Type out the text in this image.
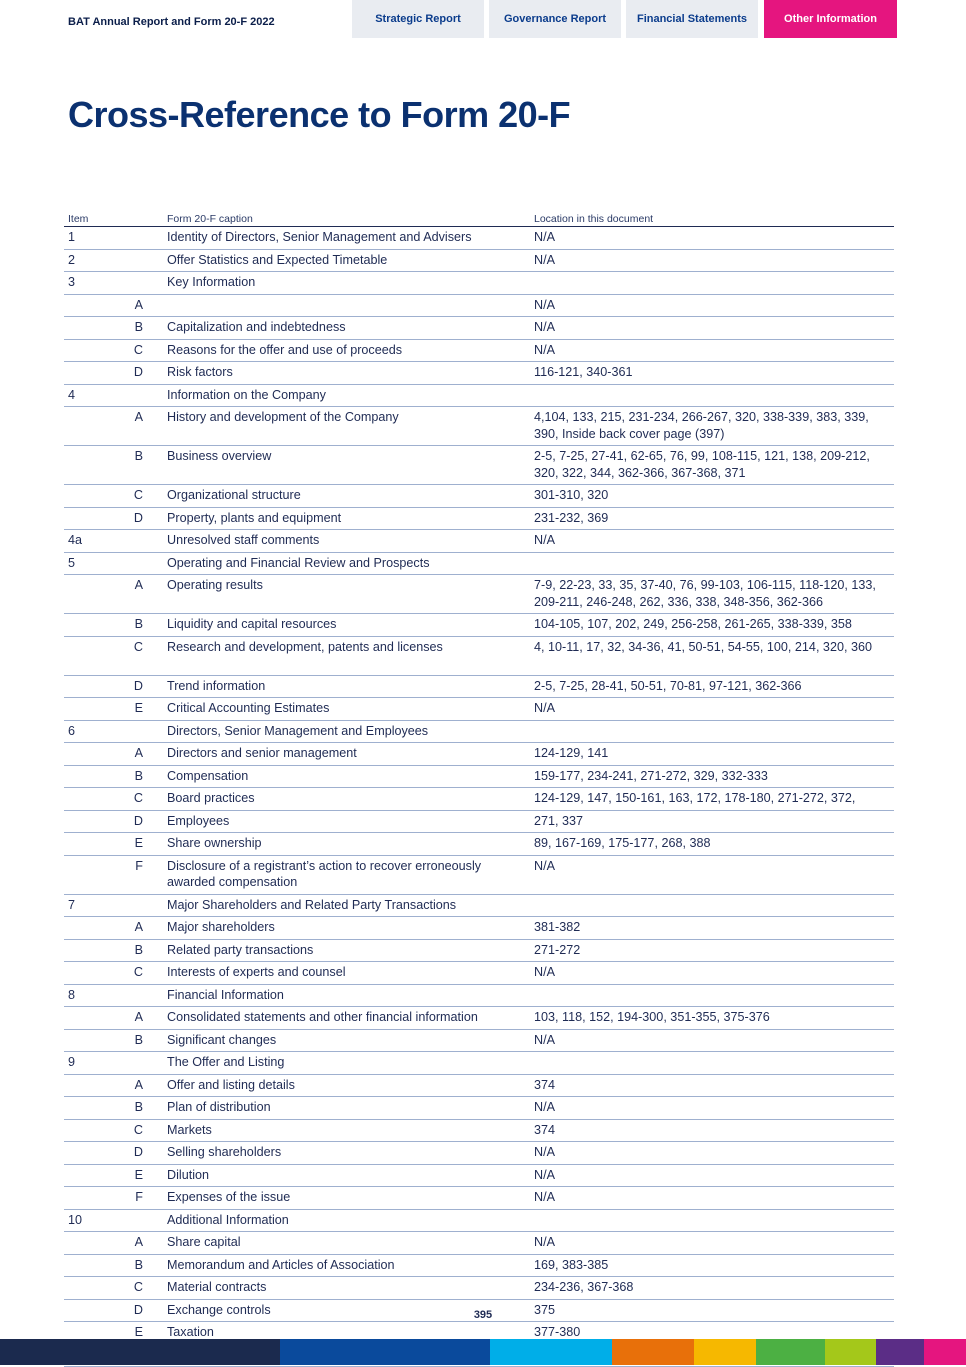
BAT Annual Report and Form 20-F 2022	Strategic Report	Governance Report	Financial Statements	Other Information
Cross-Reference to Form 20-F
Item		Form 20-F caption	Location in this document
1		Identity of Directors, Senior Management and Advisers	N/A
2		Offer Statistics and Expected Timetable	N/A
3		Key Information	
	A		N/A
	B	Capitalization and indebtedness	N/A
	C	Reasons for the offer and use of proceeds	N/A
	D	Risk factors	116-121, 340-361
4		Information on the Company	
	A	History and development of the Company	4,104, 133, 215, 231-234, 266-267, 320, 338-339, 383, 339, 390, Inside back cover page (397)
	B	Business overview	2-5, 7-25, 27-41, 62-65, 76, 99, 108-115, 121, 138, 209-212, 320, 322, 344, 362-366, 367-368, 371
	C	Organizational structure	301-310, 320
	D	Property, plants and equipment	231-232, 369
4a		Unresolved staff comments	N/A
5		Operating and Financial Review and Prospects	
	A	Operating results	7-9, 22-23, 33, 35, 37-40, 76, 99-103, 106-115, 118-120, 133, 209-211, 246-248, 262, 336, 338, 348-356, 362-366
	B	Liquidity and capital resources	104-105, 107, 202, 249, 256-258, 261-265, 338-339, 358
	C	Research and development, patents and licenses	4, 10-11, 17, 32, 34-36, 41, 50-51, 54-55, 100, 214, 320, 360
	D	Trend information	2-5, 7-25, 28-41, 50-51, 70-81, 97-121, 362-366
	E	Critical Accounting Estimates	N/A
6		Directors, Senior Management and Employees	
	A	Directors and senior management	124-129, 141
	B	Compensation	159-177, 234-241, 271-272, 329, 332-333
	C	Board practices	124-129, 147, 150-161, 163, 172, 178-180, 271-272, 372,
	D	Employees	271, 337
	E	Share ownership	89, 167-169, 175-177, 268, 388
	F	Disclosure of a registrant’s action to recover erroneously awarded compensation	N/A
7		Major Shareholders and Related Party Transactions	
	A	Major shareholders	381-382
	B	Related party transactions	271-272
	C	Interests of experts and counsel	N/A
8		Financial Information	
	A	Consolidated statements and other financial information	103, 118, 152, 194-300, 351-355, 375-376
	B	Significant changes	N/A
9		The Offer and Listing	
	A	Offer and listing details	374
	B	Plan of distribution	N/A
	C	Markets	374
	D	Selling shareholders	N/A
	E	Dilution	N/A
	F	Expenses of the issue	N/A
10		Additional Information	
	A	Share capital	N/A
	B	Memorandum and Articles of Association	169, 383-385
	C	Material contracts	234-236, 367-368
	D	Exchange controls	375
	E	Taxation	377-380

395
